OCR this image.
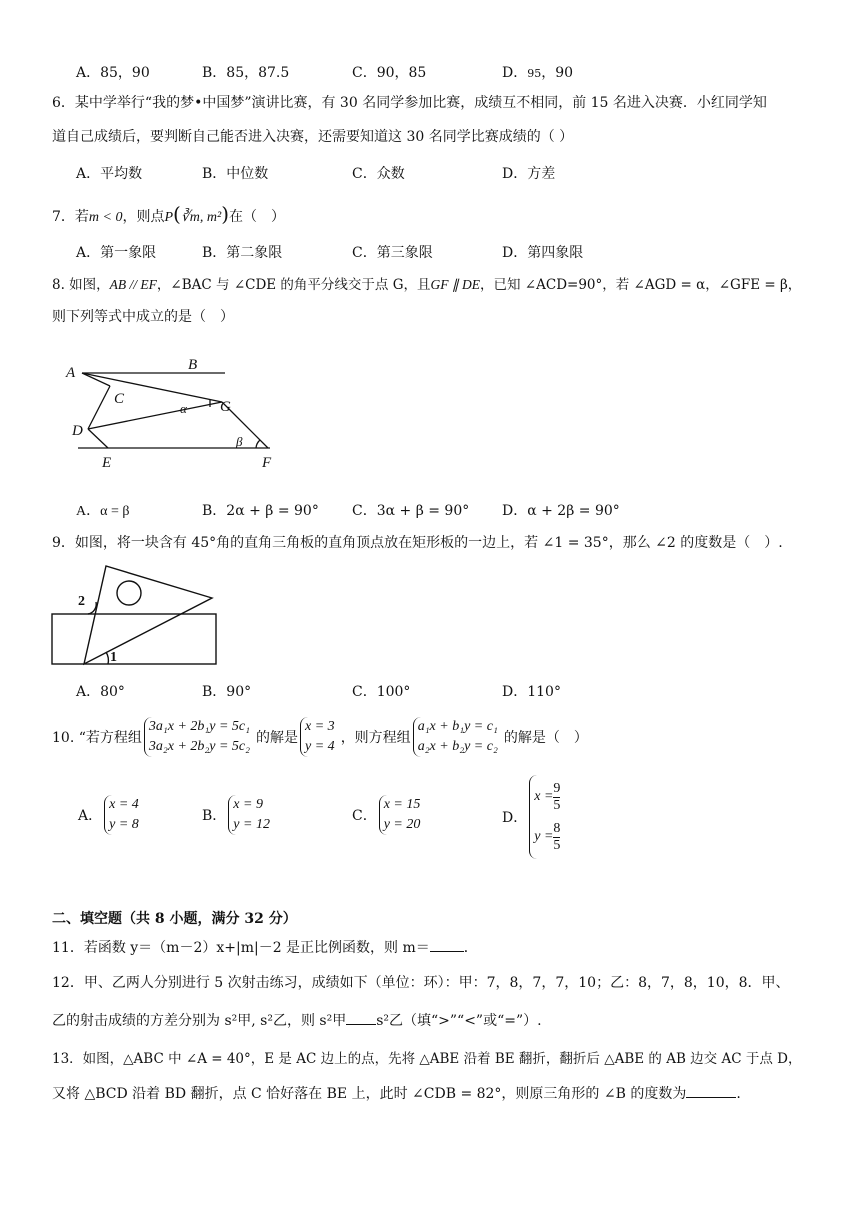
A．85，90	B．85，87.5	C．90，85	D．95，90
6．某中学举行“我的梦•中国梦”演讲比赛，有 30 名同学参加比赛，成绩互不相同，前 15 名进入决赛．小红同学知
道自己成绩后，要判断自己能否进入决赛，还需要知道这 30 名同学比赛成绩的（ ）
A．平均数	B．中位数	C．众数	D．方差
7．若m < 0，则点P(∛m, m²)在（　）
A．第一象限	B．第二象限	C．第三象限	D．第四象限
8. 如图，AB // EF，∠BAC 与 ∠CDE 的角平分线交于点 G，且GF ∥ DE，已知 ∠ACD=90°，若 ∠AGD = α，∠GFE = β，
则下列等式中成立的是（　）
A	B
C
D
E	F
G
α
β
A．α = β	B．2α + β = 90° C．3α + β = 90° D．α + 2β = 90°
9．如图，将一块含有 45°角的直角三角板的直角顶点放在矩形板的一边上，若 ∠1 = 35°，那么 ∠2 的度数是（　）.
1
2
A．80°	B．90°	C．100°	D．110°
10. “若方程组
3a₁x + 2b₁y = 5c₁
3a₂x + 2b₂y = 5c₂
的解是
x = 3
y = 4
，则方程组
a₁x + b₁y = c₁
a₂x + b₂y = c₂
的解是（　）
A．
x = 4
y = 8
B．
x = 9
y = 12
C．
x = 15
y = 20	D．
$x = \frac{9}{5}$
$y = \frac{8}{5}$
二、填空题（共 8 小题，满分 32 分）
11．若函数 y＝（m－2）x+|m|－2 是正比例函数，则 m＝ ．
12．甲、乙两人分别进行 5 次射击练习，成绩如下（单位：环）：甲：7，8，7，7，10；乙：8，7，8，10，8．甲、
乙的射击成绩的方差分别为 s²甲, s²乙，则 s²甲 s²乙（填“>”“<”或“=”）.
13．如图，△ABC 中 ∠A = 40°，E 是 AC 边上的点，先将 △ABE 沿着 BE 翻折，翻折后 △ABE 的 AB 边交 AC 于点 D，
又将 △BCD 沿着 BD 翻折，点 C 恰好落在 BE 上，此时 ∠CDB = 82°，则原三角形的 ∠B 的度数为	.
